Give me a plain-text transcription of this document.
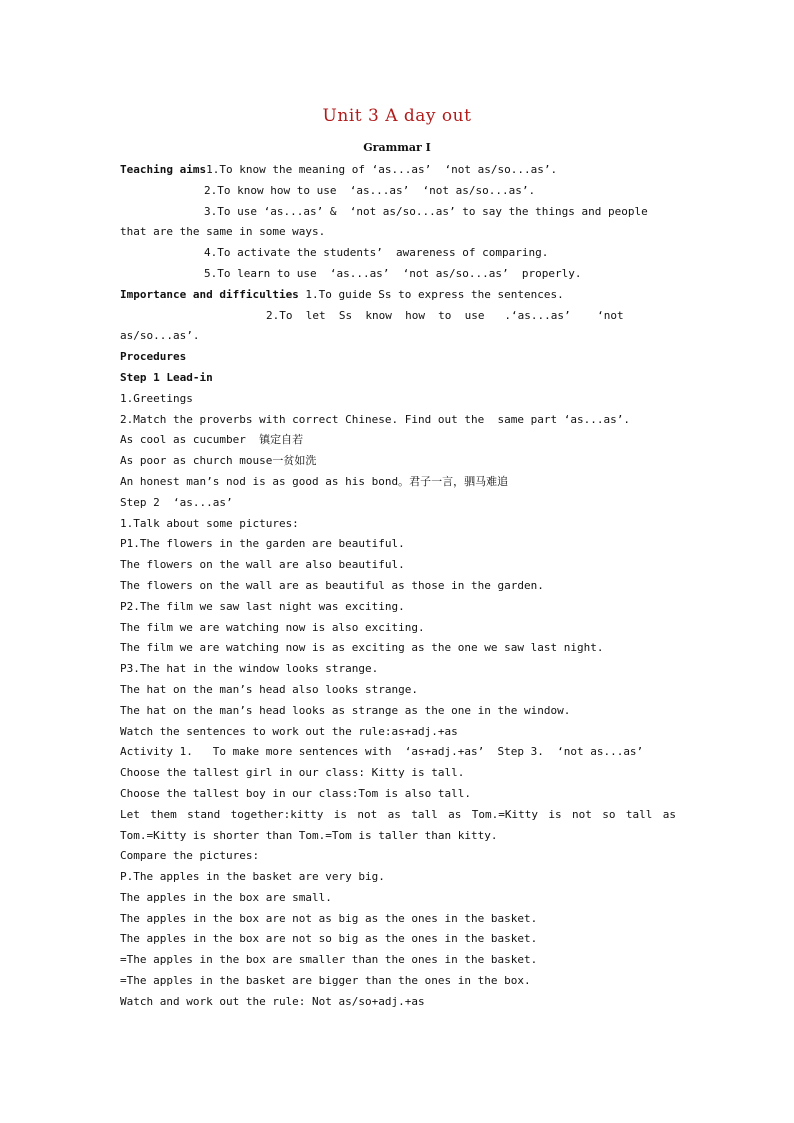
Unit 3 A day out
Grammar Ⅰ
Teaching aims1.To know the meaning of ‘as...as’  ‘not as/so...as’.
2.To know how to use  ‘as...as’  ‘not as/so...as’.
3.To use ‘as...as’ &  ‘not as/so...as’ to say the things and people
that are the same in some ways.
4.To activate the students’  awareness of comparing.
5.To learn to use  ‘as...as’  ‘not as/so...as’  properly.
Importance and difficulties 1.To guide Ss to express the sentences.
2.To  let  Ss  know  how  to  use   .‘as...as’    ‘not
as/so...as’.
Procedures
Step 1 Lead-in
1.Greetings
2.Match the proverbs with correct Chinese. Find out the  same part ‘as...as’.
As cool as cucumber  镇定自若
As poor as church mouse一贫如洗
An honest man’s nod is as good as his bond。君子一言，驷马难追
Step 2  ‘as...as’
1.Talk about some pictures:
P1.The flowers in the garden are beautiful.
The flowers on the wall are also beautiful.
The flowers on the wall are as beautiful as those in the garden.
P2.The film we saw last night was exciting.
The film we are watching now is also exciting.
The film we are watching now is as exciting as the one we saw last night.
P3.The hat in the window looks strange.
The hat on the man’s head also looks strange.
The hat on the man’s head looks as strange as the one in the window.
Watch the sentences to work out the rule:as+adj.+as
Activity 1.   To make more sentences with  ‘as+adj.+as’  Step 3.  ‘not as...as’
Choose the tallest girl in our class: Kitty is tall.
Choose the tallest boy in our class:Tom is also tall.
Let them stand together:kitty is not as tall as Tom.=Kitty is not so tall as
Tom.=Kitty is shorter than Tom.=Tom is taller than kitty.
Compare the pictures:
P.The apples in the basket are very big.
The apples in the box are small.
The apples in the box are not as big as the ones in the basket.
The apples in the box are not so big as the ones in the basket.
=The apples in the box are smaller than the ones in the basket.
=The apples in the basket are bigger than the ones in the box.
Watch and work out the rule: Not as/so+adj.+as
